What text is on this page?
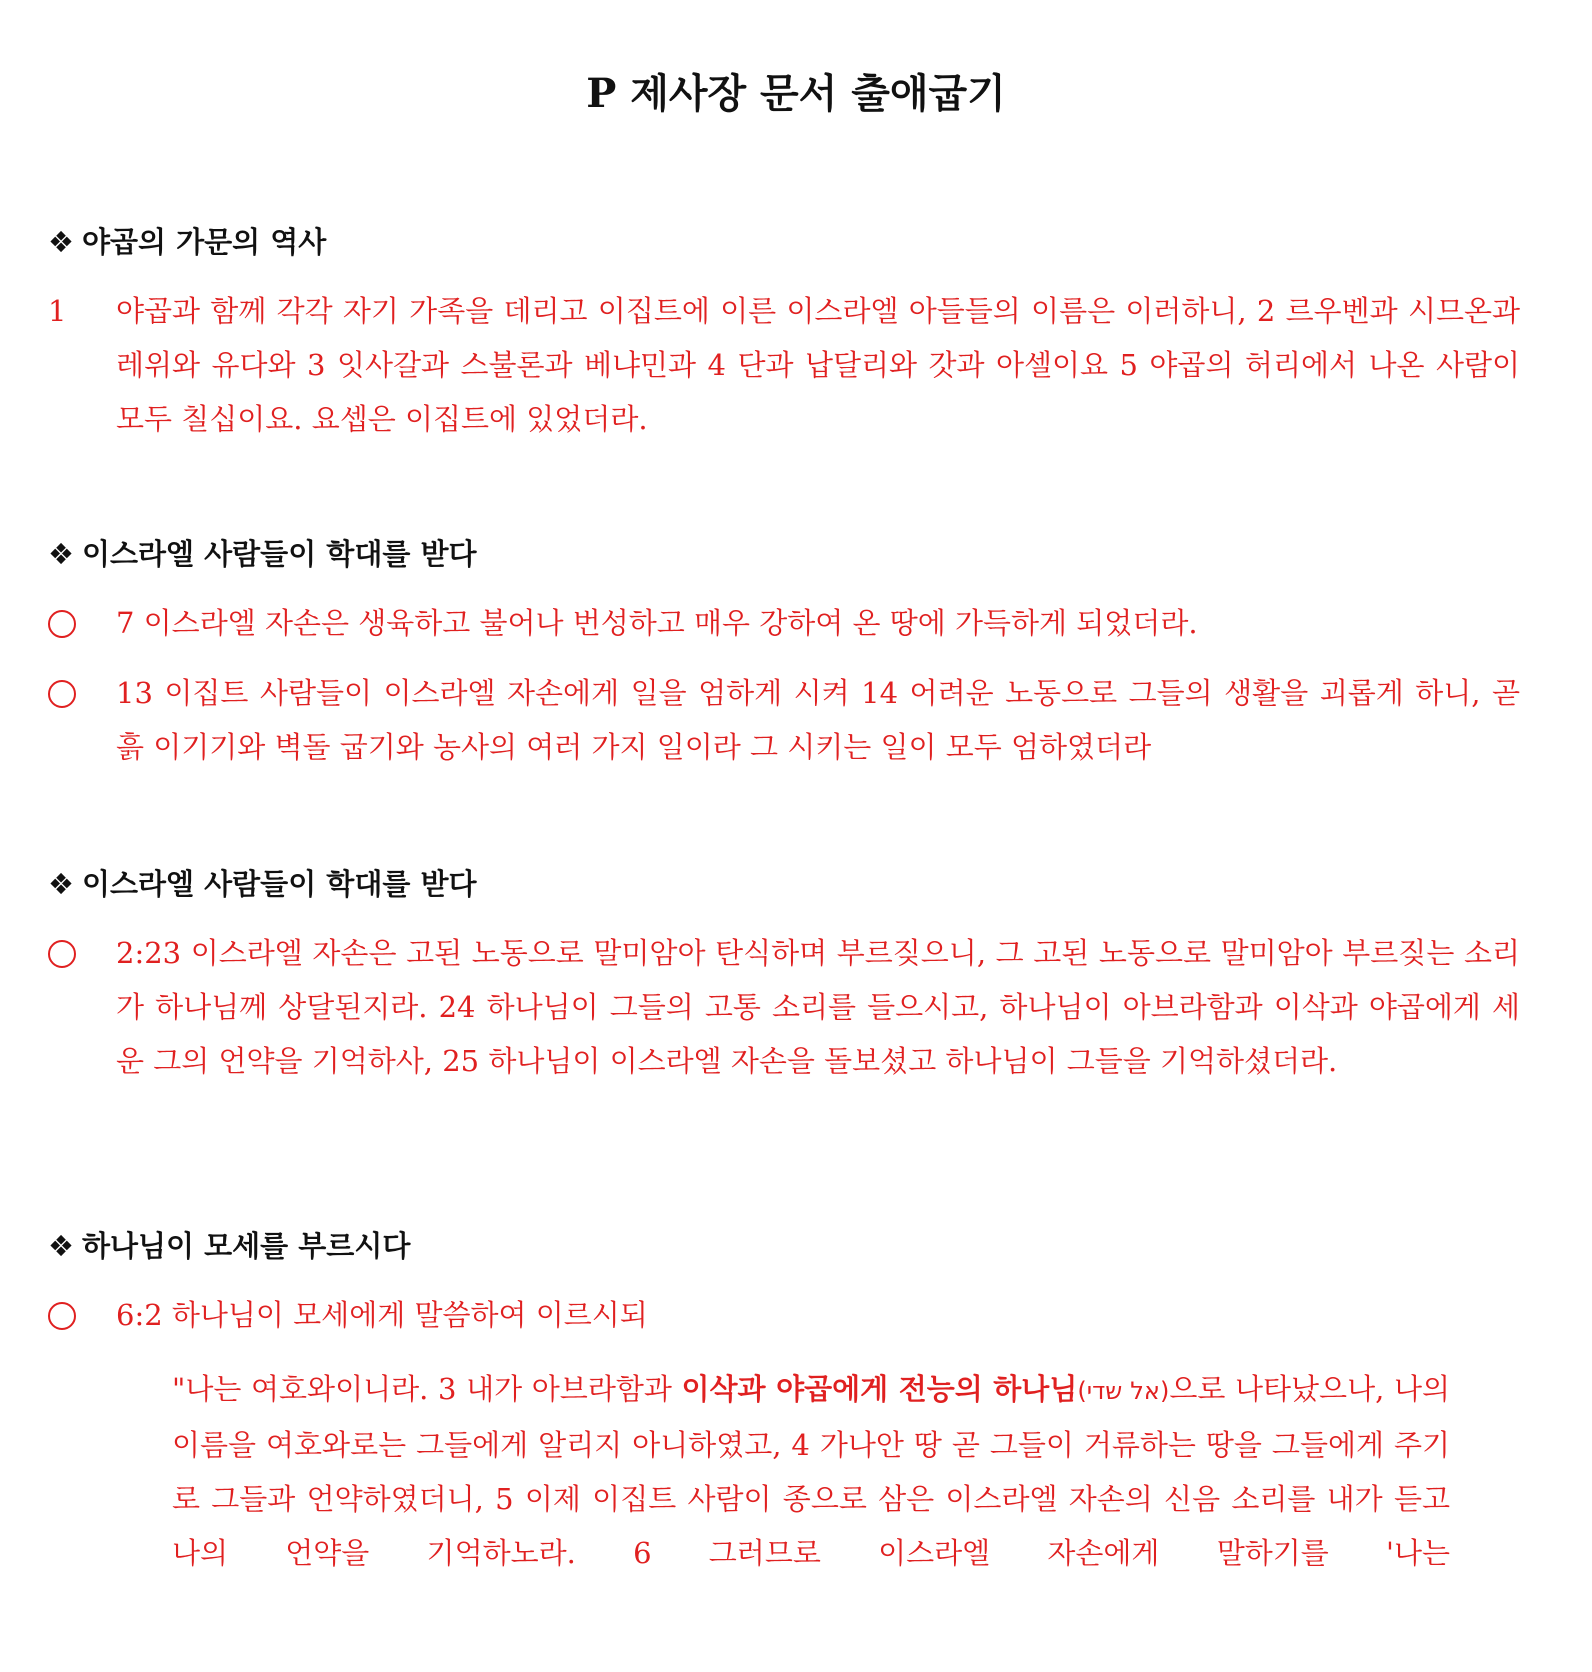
P 제사장 문서 출애굽기
❖ 야곱의 가문의 역사
1	야곱과 함께 각각 자기 가족을 데리고 이집트에 이른 이스라엘 아들들의 이름은 이러하니, 2 르우벤과 시므온과 레위와 유다와 3 잇사갈과 스불론과 베냐민과 4 단과 납달리와 갓과 아셀이요 5 야곱의 허리에서 나온 사람이 모두 칠십이요. 요셉은 이집트에 있었더라.
❖ 이스라엘 사람들이 학대를 받다
7 이스라엘 자손은 생육하고 불어나 번성하고 매우 강하여 온 땅에 가득하게 되었더라.
13 이집트 사람들이 이스라엘 자손에게 일을 엄하게 시켜 14 어려운 노동으로 그들의 생활을 괴롭게 하니, 곧 흙 이기기와 벽돌 굽기와 농사의 여러 가지 일이라 그 시키는 일이 모두 엄하였더라
❖ 이스라엘 사람들이 학대를 받다
2:23 이스라엘 자손은 고된 노동으로 말미암아 탄식하며 부르짖으니, 그 고된 노동으로 말미암아 부르짖는 소리가 하나님께 상달된지라. 24 하나님이 그들의 고통 소리를 들으시고, 하나님이 아브라함과 이삭과 야곱에게 세운 그의 언약을 기억하사, 25 하나님이 이스라엘 자손을 돌보셨고 하나님이 그들을 기억하셨더라.
❖ 하나님이 모세를 부르시다
6:2 하나님이 모세에게 말씀하여 이르시되
"나는 여호와이니라. 3 내가 아브라함과 이삭과 야곱에게 전능의 하나님(אל שדי)으로 나타났으나, 나의 이름을 여호와로는 그들에게 알리지 아니하였고, 4 가나안 땅 곧 그들이 거류하는 땅을 그들에게 주기로 그들과 언약하였더니, 5 이제 이집트 사람이 종으로 삼은 이스라엘 자손의 신음 소리를 내가 듣고 나의 언약을 기억하노라. 6 그러므로 이스라엘 자손에게 말하기를 '나는
